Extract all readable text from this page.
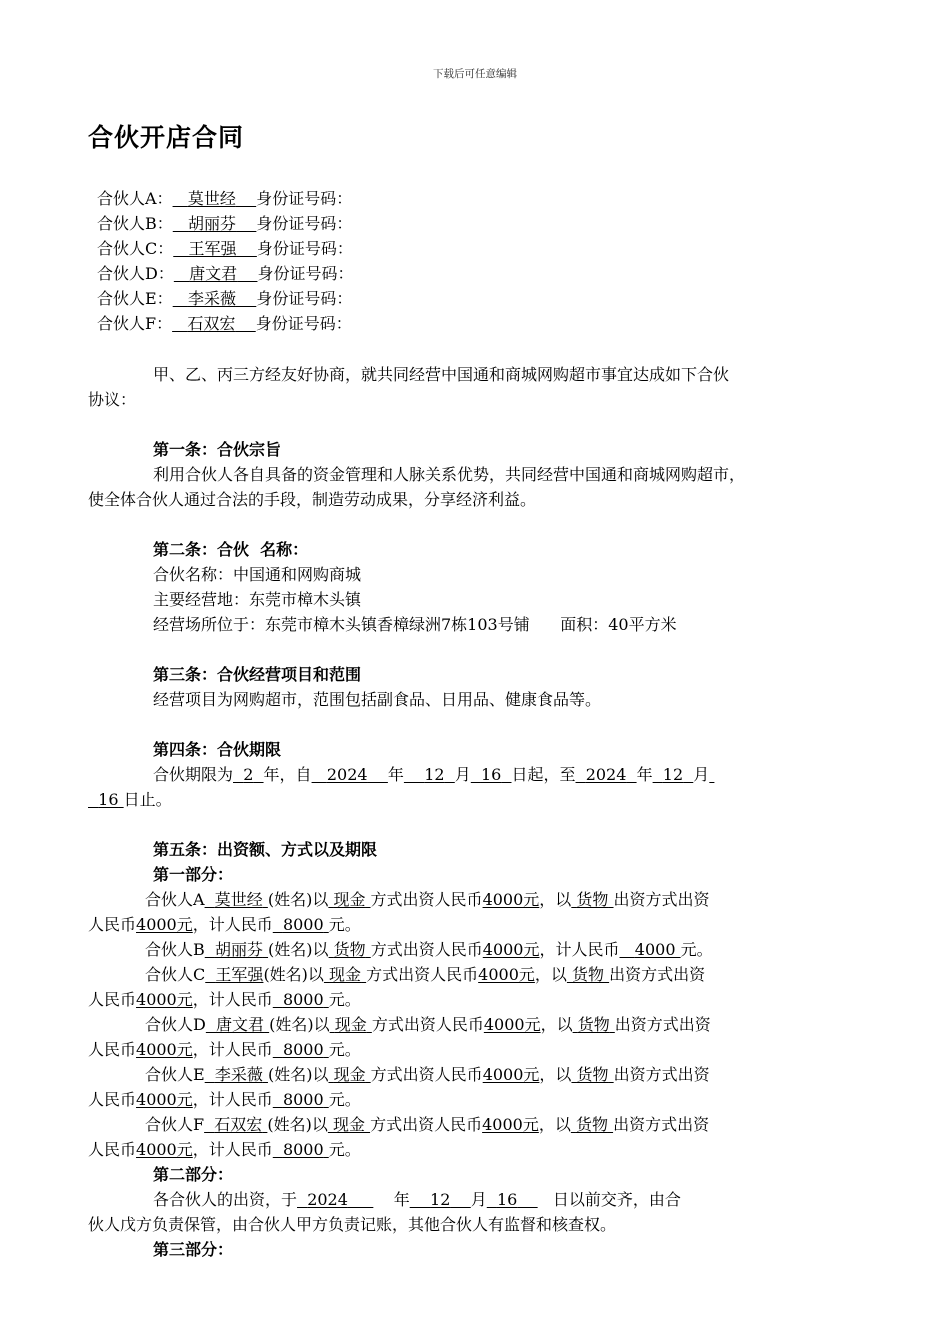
下载后可任意编辑
合伙开店合同
合伙人A： 莫世经 身份证号码：
合伙人B： 胡丽芬 身份证号码：
合伙人C： 王军强 身份证号码：
合伙人D： 唐文君 身份证号码：
合伙人E： 李采薇 身份证号码：
合伙人F： 石双宏 身份证号码：
甲、乙、丙三方经友好协商，就共同经营中国通和商城网购超市事宜达成如下合伙
协议：
第一条：合伙宗旨
利用合伙人各自具备的资金管理和人脉关系优势，共同经营中国通和商城网购超市，
使全体合伙人通过合法的手段，制造劳动成果，分享经济利益。
第二条：合伙  名称：
合伙名称：中国通和网购商城
主要经营地：东莞市樟木头镇
经营场所位于：东莞市樟木头镇香樟绿洲7栋103号铺 面积：40平方米
第三条：合伙经营项目和范围
经营项目为网购超市，范围包括副食品、日用品、健康食品等。
第四条：合伙期限
合伙期限为 2 年，自 2024 年 12 月 16 日起，至 2024 年 12 月
16 日止。
第五条：出资额、方式以及期限
第一部分：
合伙人A 莫世经 (姓名)以 现金 方式出资人民币4000元，以 货物 出资方式出资
人民币4000元，计人民币 8000 元。
合伙人B 胡丽芬 (姓名)以 货物 方式出资人民币4000元，计人民币 4000 元。
合伙人C 王军强(姓名)以 现金 方式出资人民币4000元，以 货物 出资方式出资
人民币4000元，计人民币 8000 元。
合伙人D 唐文君 (姓名)以 现金 方式出资人民币4000元，以 货物 出资方式出资
人民币4000元，计人民币 8000 元。
合伙人E 李采薇 (姓名)以 现金 方式出资人民币4000元，以 货物 出资方式出资
人民币4000元，计人民币 8000 元。
合伙人F 石双宏 (姓名)以 现金 方式出资人民币4000元，以 货物 出资方式出资
人民币4000元，计人民币 8000 元。
第二部分：
各合伙人的出资，于 2024	年 12 月 16 日以前交齐，由合
伙人戊方负责保管，由合伙人甲方负责记账，其他合伙人有监督和核查权。
第三部分：
